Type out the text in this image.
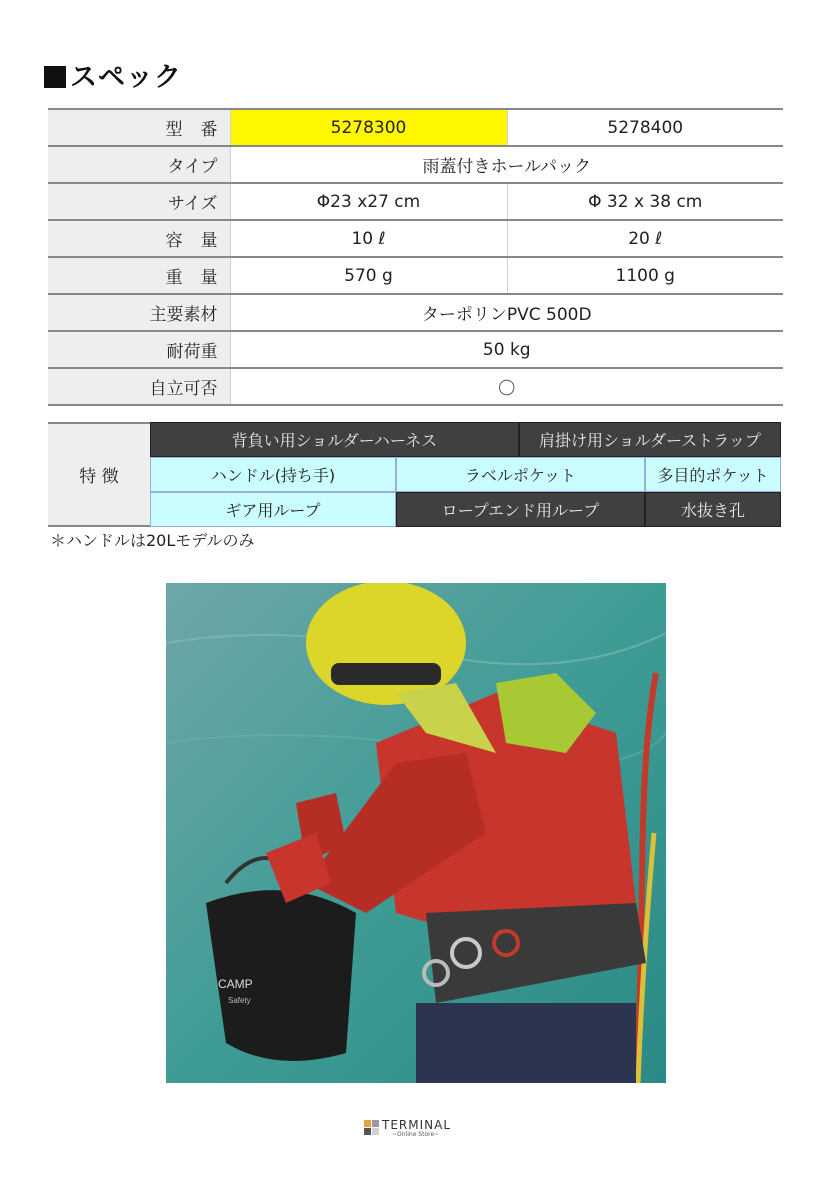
スペック
型番	5278300	5278400
タイプ	雨蓋付きホールパック	
サイズ	Φ23 x27 cm	Φ 32 x 38 cm
容量	10 ℓ	20 ℓ
重量	570 g	1100 g
主要素材	ターポリンPVC 500D	
耐荷重	50 kg	
自立可否	〇	
特 徴	背負い用ショルダーハーネス		肩掛け用ショルダーストラップ	
	ハンドル(持ち手)	ラベルポケット		多目的ポケット
	ギア用ループ	ロープエンド用ループ		水抜き孔

＊ハンドルは20Lモデルのみ

CAMP
Safety
TERMINAL
~Online Store~
